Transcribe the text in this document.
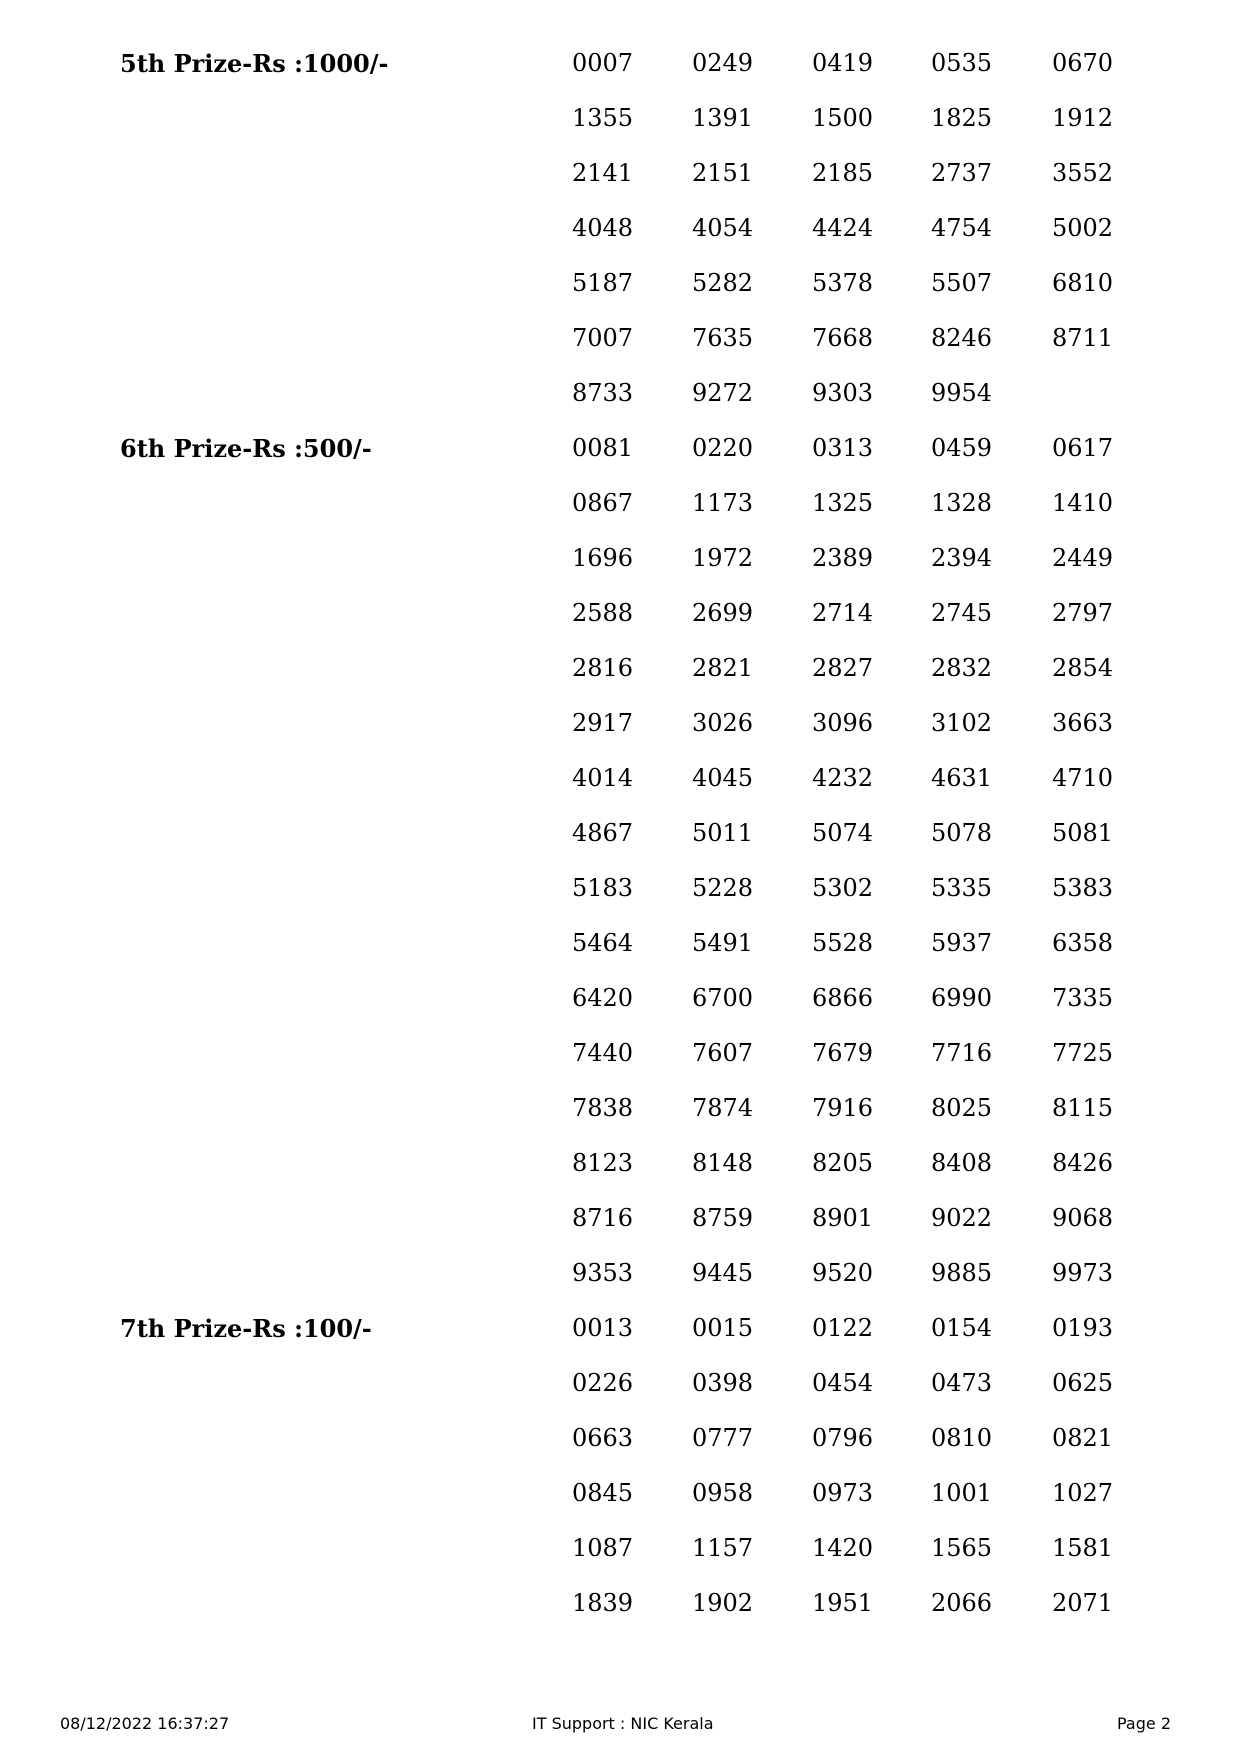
5th Prize-Rs :1000/-	0007	0249	0419	0535	0670
1355	1391	1500	1825	1912
2141	2151	2185	2737	3552
4048	4054	4424	4754	5002
5187	5282	5378	5507	6810
7007	7635	7668	8246	8711
8733	9272	9303	9954
6th Prize-Rs :500/-	0081	0220	0313	0459	0617
0867	1173	1325	1328	1410
1696	1972	2389	2394	2449
2588	2699	2714	2745	2797
2816	2821	2827	2832	2854
2917	3026	3096	3102	3663
4014	4045	4232	4631	4710
4867	5011	5074	5078	5081
5183	5228	5302	5335	5383
5464	5491	5528	5937	6358
6420	6700	6866	6990	7335
7440	7607	7679	7716	7725
7838	7874	7916	8025	8115
8123	8148	8205	8408	8426
8716	8759	8901	9022	9068
9353	9445	9520	9885	9973
7th Prize-Rs :100/-	0013	0015	0122	0154	0193
0226	0398	0454	0473	0625
0663	0777	0796	0810	0821
0845	0958	0973	1001	1027
1087	1157	1420	1565	1581
1839	1902	1951	2066	2071
08/12/2022 16:37:27	IT Support : NIC Kerala	Page 2
